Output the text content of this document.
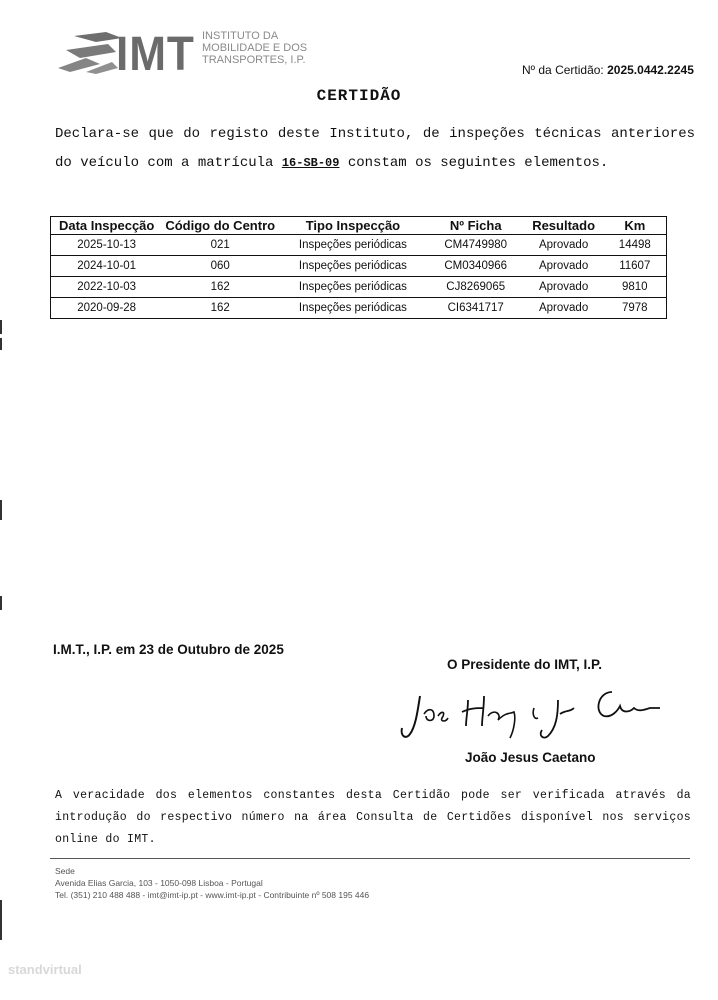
IMT INSTITUTO DA
MOBILIDADE E DOS
TRANSPORTES, I.P.
Nº da Certidão: 2025.0442.2245
CERTIDÃO
Declara-se que do registo deste Instituto, de inspeções técnicas anteriores do veículo com a matrícula 16-SB-09 constam os seguintes elementos.
Data Inspecção	Código do Centro	Tipo Inspecção	Nº Ficha	Resultado	Km
2025-10-13	021	Inspeções periódicas	CM4749980	Aprovado	14498
2024-10-01	060	Inspeções periódicas	CM0340966	Aprovado	11607
2022-10-03	162	Inspeções periódicas	CJ8269065	Aprovado	9810
2020-09-28	162	Inspeções periódicas	CI6341717	Aprovado	7978
I.M.T., I.P. em 23 de Outubro de 2025
O Presidente do IMT, I.P.
João Jesus Caetano
A veracidade dos elementos constantes desta Certidão pode ser verificada através da introdução do respectivo número na área Consulta de Certidões disponível nos serviços online do IMT.
Sede
Avenida Elias Garcia, 103 - 1050-098 Lisboa - Portugal
Tel. (351) 210 488 488 - imt@imt-ip.pt - www.imt-ip.pt - Contribuinte nº 508 195 446
standvirtual
